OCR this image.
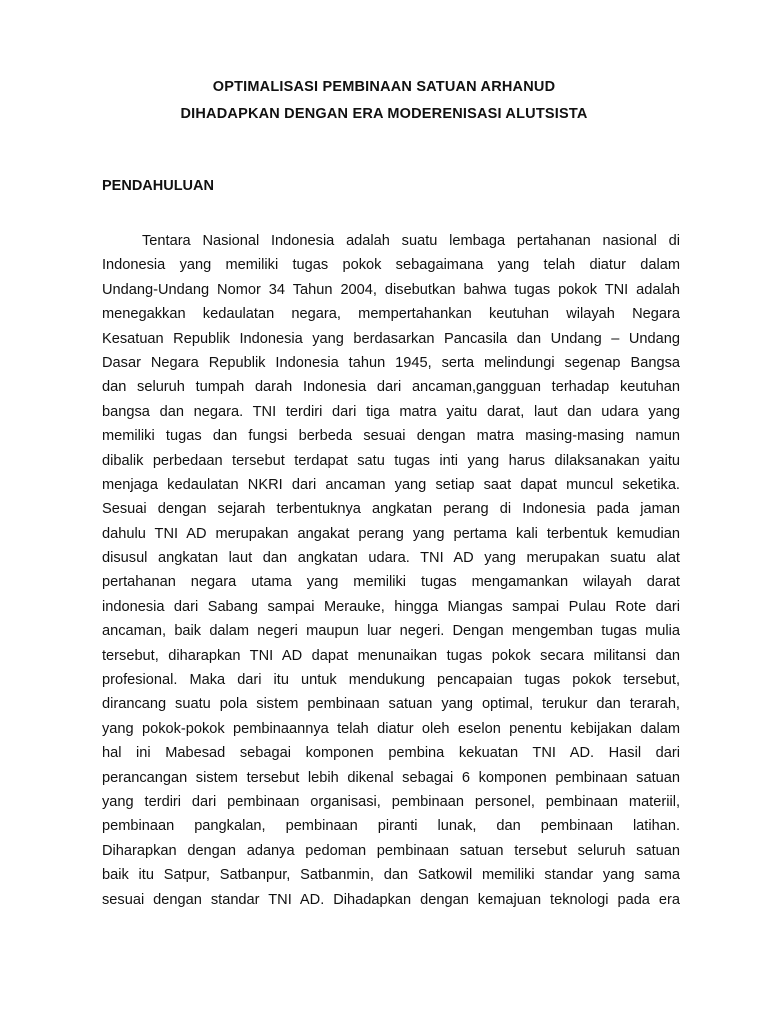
OPTIMALISASI PEMBINAAN SATUAN ARHANUD
DIHADAPKAN DENGAN ERA MODERENISASI ALUTSISTA
PENDAHULUAN
Tentara Nasional Indonesia adalah suatu lembaga pertahanan nasional di
Indonesia yang memiliki tugas pokok sebagaimana yang telah diatur dalam
Undang-Undang Nomor 34 Tahun 2004, disebutkan bahwa tugas pokok TNI adalah
menegakkan kedaulatan negara, mempertahankan keutuhan wilayah Negara
Kesatuan Republik Indonesia yang berdasarkan Pancasila dan Undang – Undang
Dasar Negara Republik Indonesia tahun 1945, serta melindungi segenap Bangsa
dan seluruh tumpah darah Indonesia dari ancaman,gangguan terhadap keutuhan
bangsa dan negara. TNI terdiri dari tiga matra yaitu darat, laut dan udara yang
memiliki tugas dan fungsi berbeda sesuai dengan matra masing-masing namun
dibalik perbedaan tersebut terdapat satu tugas inti yang harus dilaksanakan yaitu
menjaga kedaulatan NKRI dari ancaman yang setiap saat dapat muncul seketika.
Sesuai dengan sejarah terbentuknya angkatan perang di Indonesia pada jaman
dahulu TNI AD merupakan angakat perang yang pertama kali terbentuk kemudian
disusul angkatan laut dan angkatan udara. TNI AD yang merupakan suatu alat
pertahanan negara utama yang memiliki tugas mengamankan wilayah darat
indonesia dari Sabang sampai Merauke, hingga Miangas sampai Pulau Rote dari
ancaman, baik dalam negeri maupun luar negeri. Dengan mengemban tugas mulia
tersebut, diharapkan TNI AD dapat menunaikan tugas pokok secara militansi dan
profesional. Maka dari itu untuk mendukung pencapaian tugas pokok tersebut,
dirancang suatu pola sistem pembinaan satuan yang optimal, terukur dan terarah,
yang pokok-pokok pembinaannya telah diatur oleh eselon penentu kebijakan dalam
hal ini Mabesad sebagai komponen pembina kekuatan TNI AD. Hasil dari
perancangan sistem tersebut lebih dikenal sebagai 6 komponen pembinaan satuan
yang terdiri dari pembinaan organisasi, pembinaan personel, pembinaan materiil,
pembinaan pangkalan, pembinaan piranti lunak, dan pembinaan latihan.
Diharapkan dengan adanya pedoman pembinaan satuan tersebut seluruh satuan
baik itu Satpur, Satbanpur, Satbanmin, dan Satkowil memiliki standar yang sama
sesuai dengan standar TNI AD. Dihadapkan dengan kemajuan teknologi pada era
